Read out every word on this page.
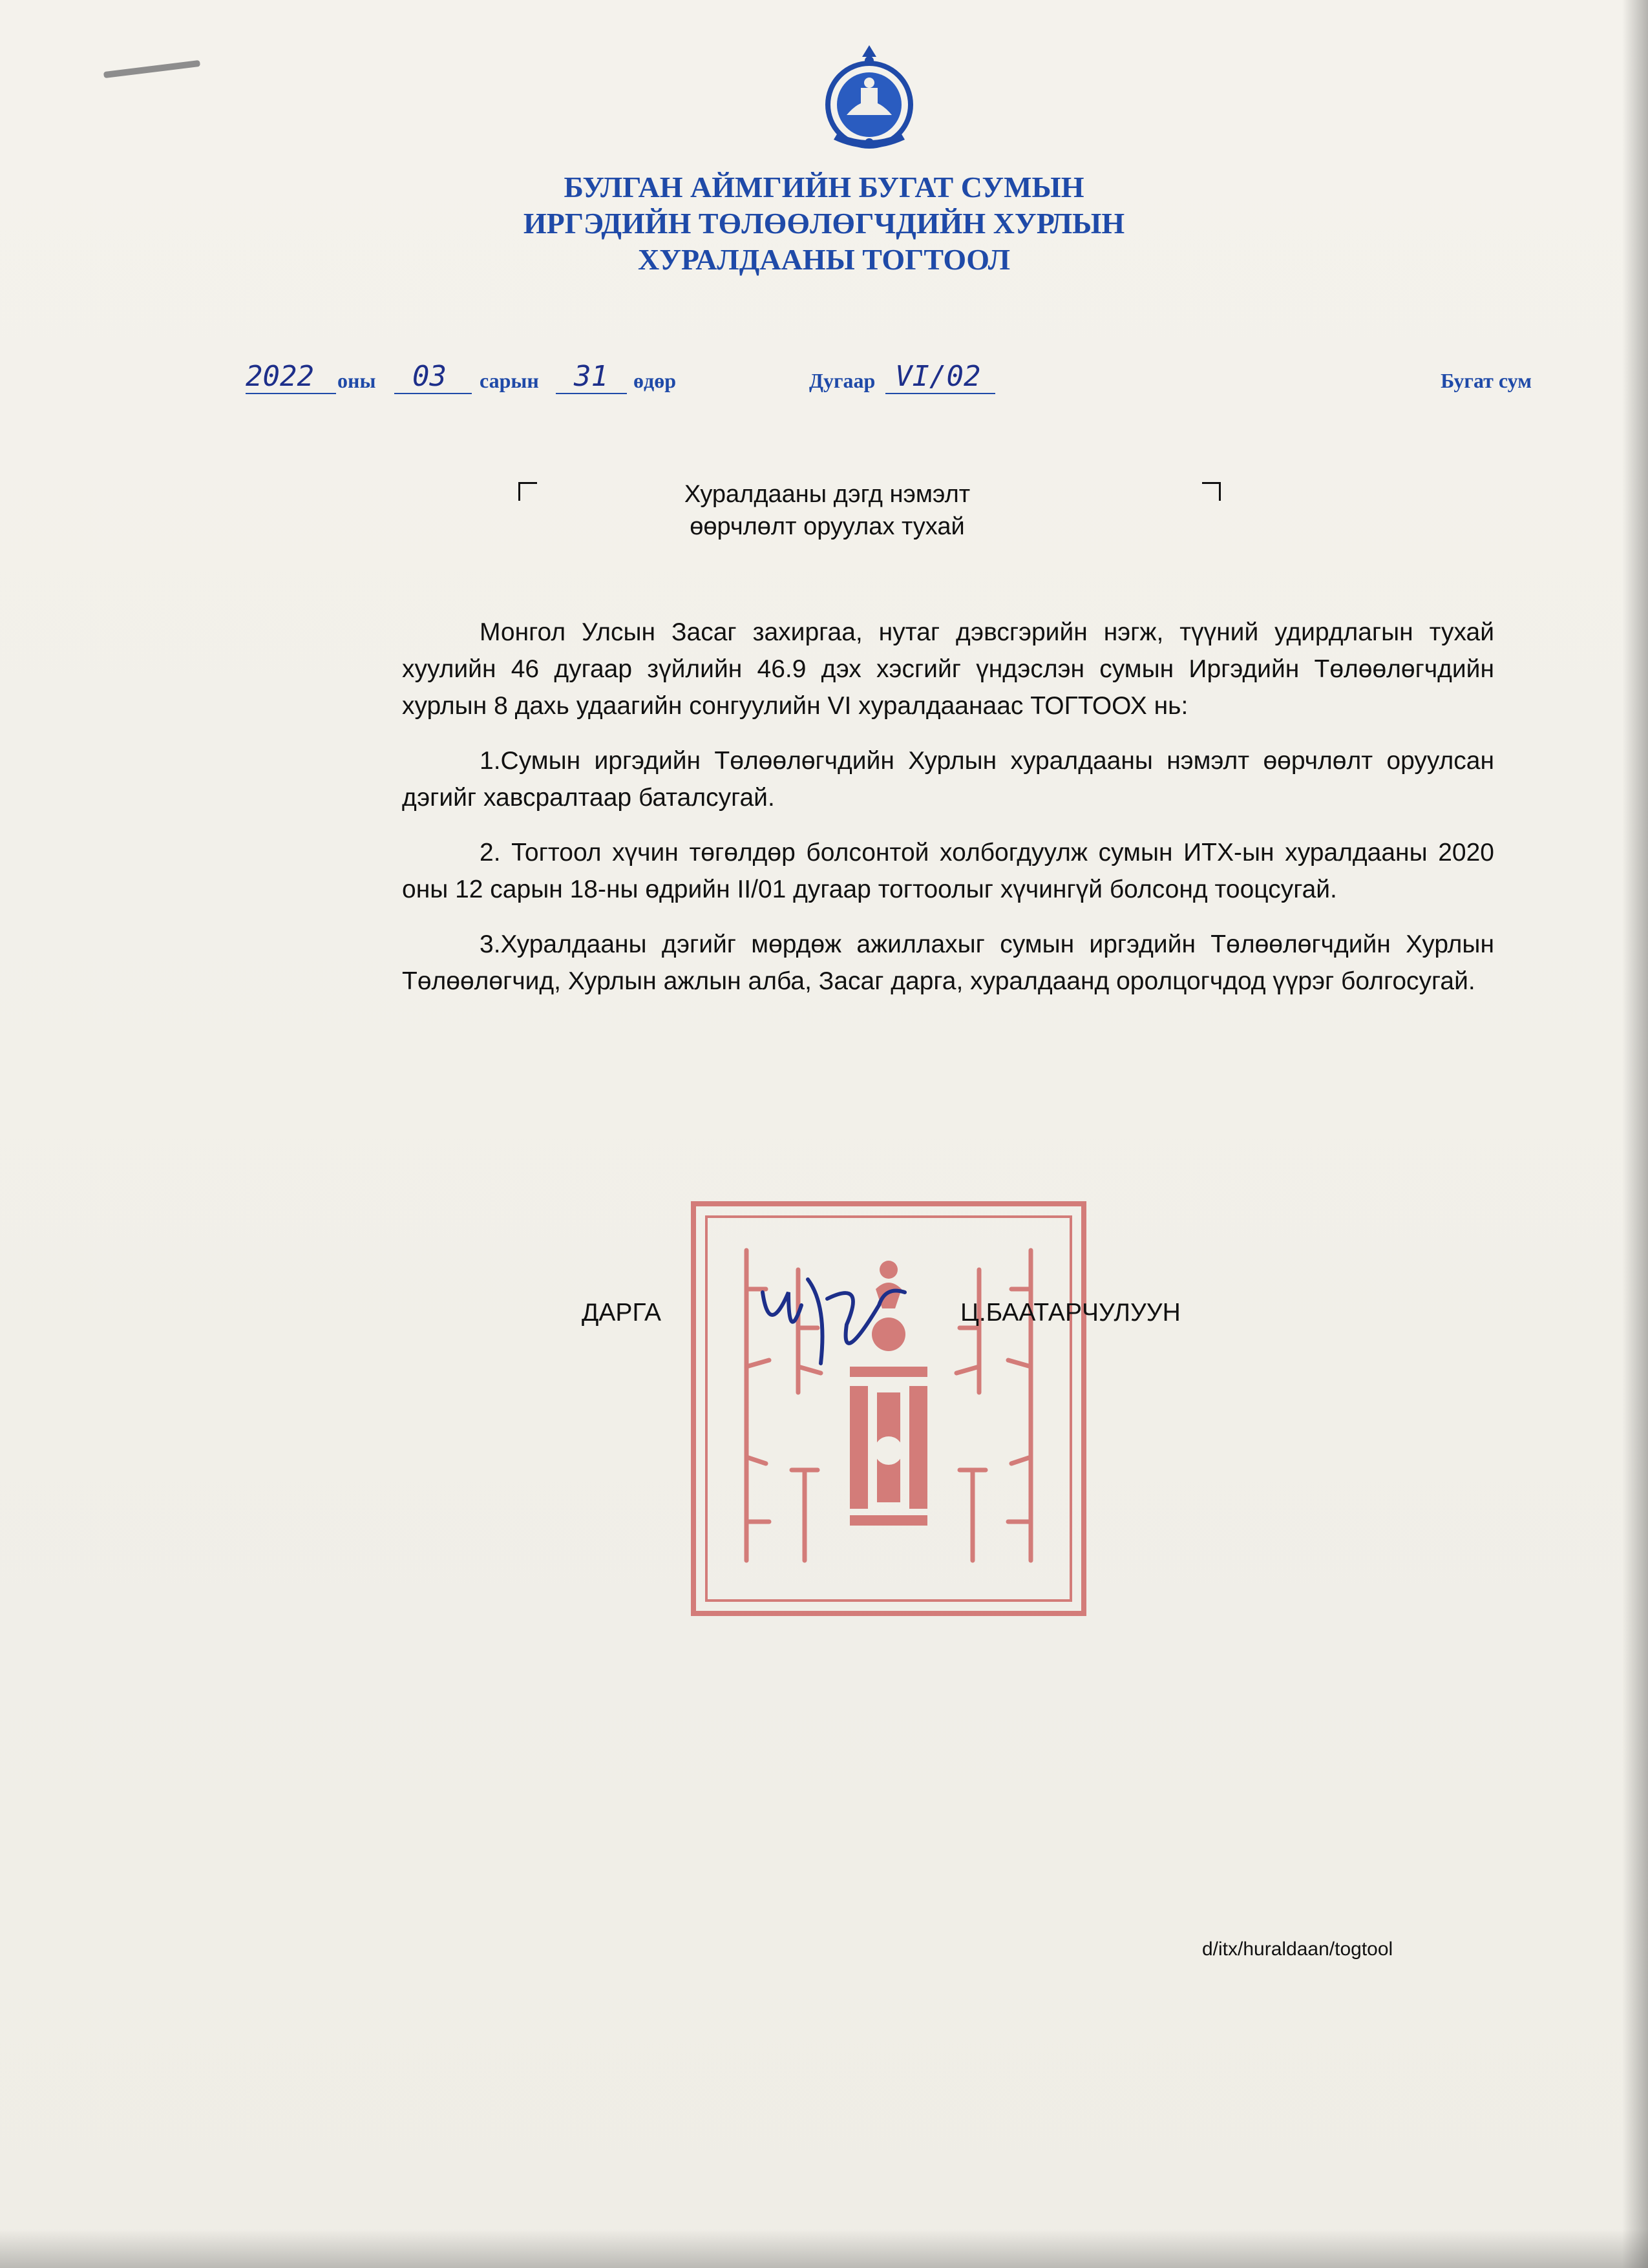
БУЛГАН АЙМГИЙН БУГАТ СУМЫН
ИРГЭДИЙН ТӨЛӨӨЛӨГЧДИЙН ХУРЛЫН
ХУРАЛДААНЫ ТОГТООЛ
2022 оны 03 сарын 31 өдөр	Дугаар VI/02	Бугат сум
Хуралдааны дэгд нэмэлт
өөрчлөлт оруулах тухай

Монгол Улсын Засаг захиргаа, нутаг дэвсгэрийн нэгж, түүний удирдлагын тухай хуулийн 46 дугаар зүйлийн 46.9 дэх хэсгийг үндэслэн сумын Иргэдийн Төлөөлөгчдийн хурлын 8 дахь удаагийн сонгуулийн VI хуралдаанаас ТОГТООХ нь:

1.Сумын иргэдийн Төлөөлөгчдийн Хурлын хуралдааны нэмэлт өөрчлөлт оруулсан дэгийг хавсралтаар баталсугай.

2. Тогтоол хүчин төгөлдөр болсонтой холбогдуулж сумын ИТХ-ын хуралдааны 2020 оны 12 сарын 18-ны өдрийн II/01 дугаар тогтоолыг хүчингүй болсонд тооцсугай.

3.Хуралдааны дэгийг мөрдөж ажиллахыг сумын иргэдийн Төлөөлөгчдийн Хурлын Төлөөлөгчид, Хурлын ажлын алба, Засаг дарга, хуралдаанд оролцогчдод үүрэг болгосугай.

ДАРГА	Ц.БААТАРЧУЛУУН
d/itx/huraldaan/togtool
